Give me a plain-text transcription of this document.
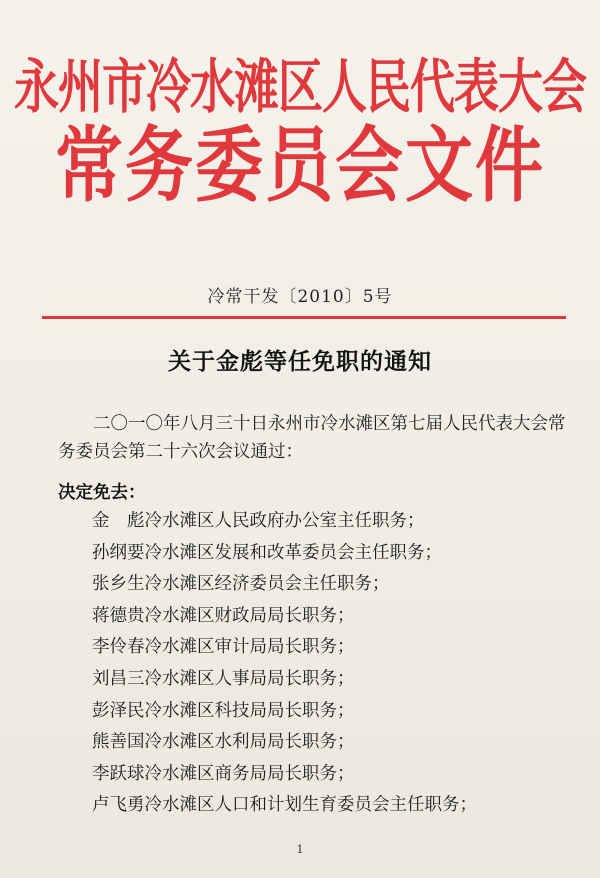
永州市冷水滩区人民代表大会
常务委员会文件
冷常干发〔2010〕5号
关于金彪等任免职的通知
二〇一〇年八月三十日永州市冷水滩区第七届人民代表大会常务委员会第二十六次会议通过：
决定免去：
金　彪冷水滩区人民政府办公室主任职务；
孙纲要冷水滩区发展和改革委员会主任职务；
张乡生冷水滩区经济委员会主任职务；
蒋德贵冷水滩区财政局局长职务；
李伶春冷水滩区审计局局长职务；
刘昌三冷水滩区人事局局长职务；
彭泽民冷水滩区科技局局长职务；
熊善国冷水滩区水利局局长职务；
李跃球冷水滩区商务局局长职务；
卢飞勇冷水滩区人口和计划生育委员会主任职务；
1
